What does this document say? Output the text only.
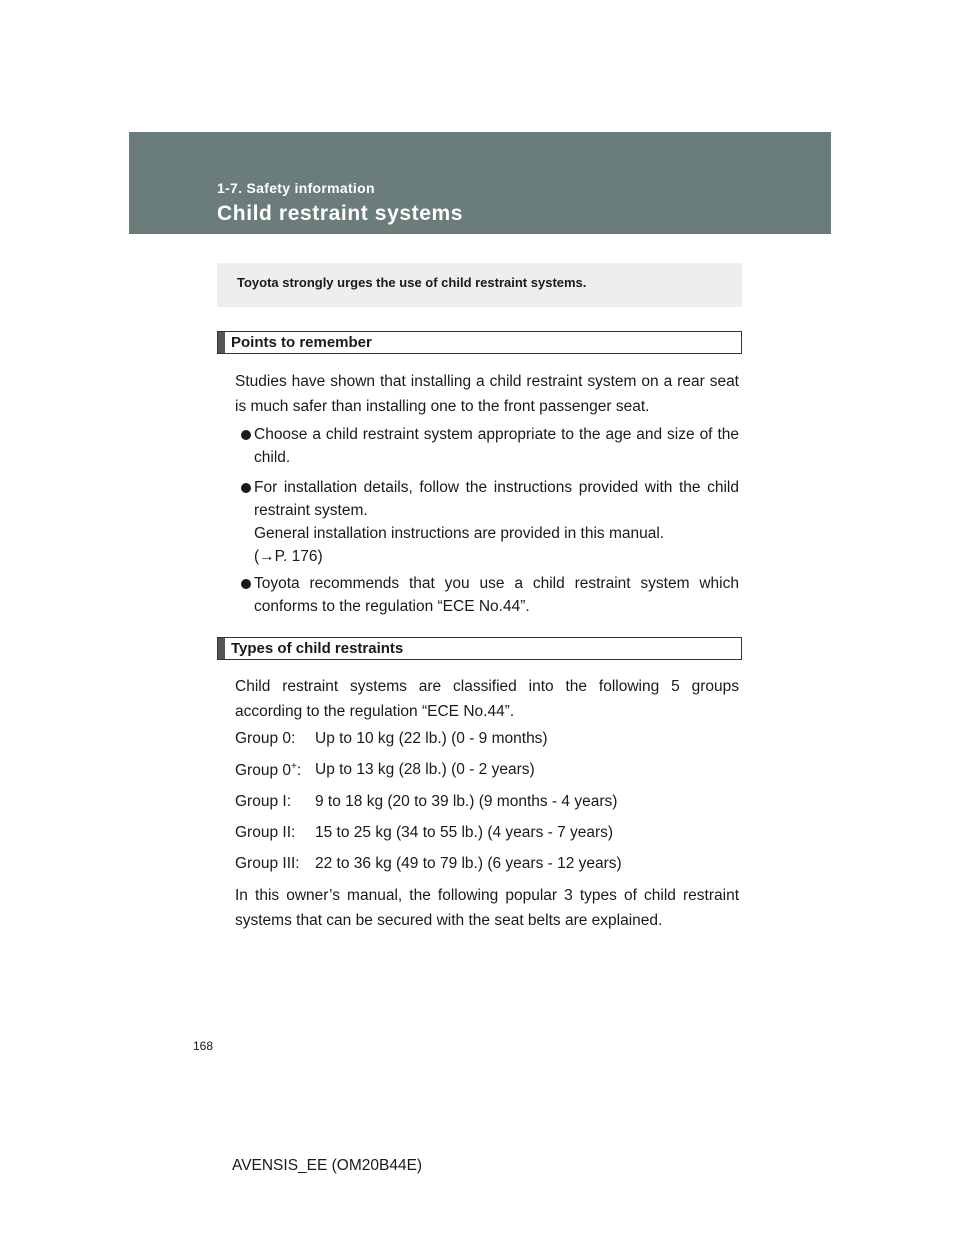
1-7. Safety information
Child restraint systems
Toyota strongly urges the use of child restraint systems.
Points to remember

Studies have shown that installing a child restraint system on a rear seat is much safer than installing one to the front passenger seat.

Choose a child restraint system appropriate to the age and size of the child.
For installation details, follow the instructions provided with the child restraint system.
General installation instructions are provided in this manual.
(→P. 176)
Toyota recommends that you use a child restraint system which conforms to the regulation “ECE No.44”.
Types of child restraints

Child restraint systems are classified into the following 5 groups according to the regulation “ECE No.44”.

Group 0: Up to 10 kg (22 lb.) (0 - 9 months)
Group 0+: Up to 13 kg (28 lb.) (0 - 2 years)
Group I: 9 to 18 kg (20 to 39 lb.) (9 months - 4 years)
Group II: 15 to 25 kg (34 to 55 lb.) (4 years - 7 years)
Group III: 22 to 36 kg (49 to 79 lb.) (6 years - 12 years)

In this owner’s manual, the following popular 3 types of child restraint systems that can be secured with the seat belts are explained.

168
AVENSIS_EE (OM20B44E)
